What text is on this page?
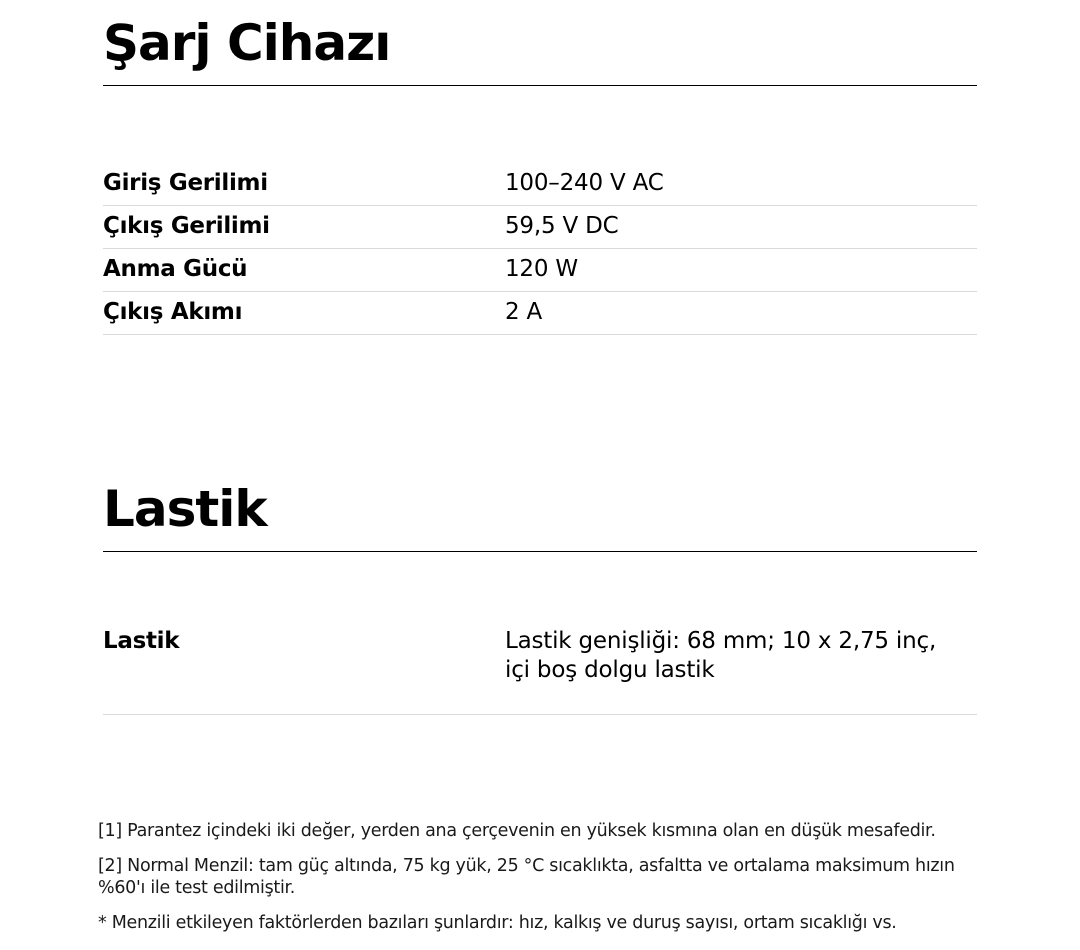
Şarj Cihazı
Giriş Gerilimi	100–240 V AC
Çıkış Gerilimi	59,5 V DC
Anma Gücü	120 W
Çıkış Akımı	2 A
Lastik
Lastik	Lastik genişliği: 68 mm; 10 x 2,75 inç, içi boş dolgu lastik

[1] Parantez içindeki iki değer, yerden ana çerçevenin en yüksek kısmına olan en düşük mesafedir.

[2] Normal Menzil: tam güç altında, 75 kg yük, 25 °C sıcaklıkta, asfaltta ve ortalama maksimum hızın %60'ı ile test edilmiştir.

* Menzili etkileyen faktörlerden bazıları şunlardır: hız, kalkış ve duruş sayısı, ortam sıcaklığı vs.
